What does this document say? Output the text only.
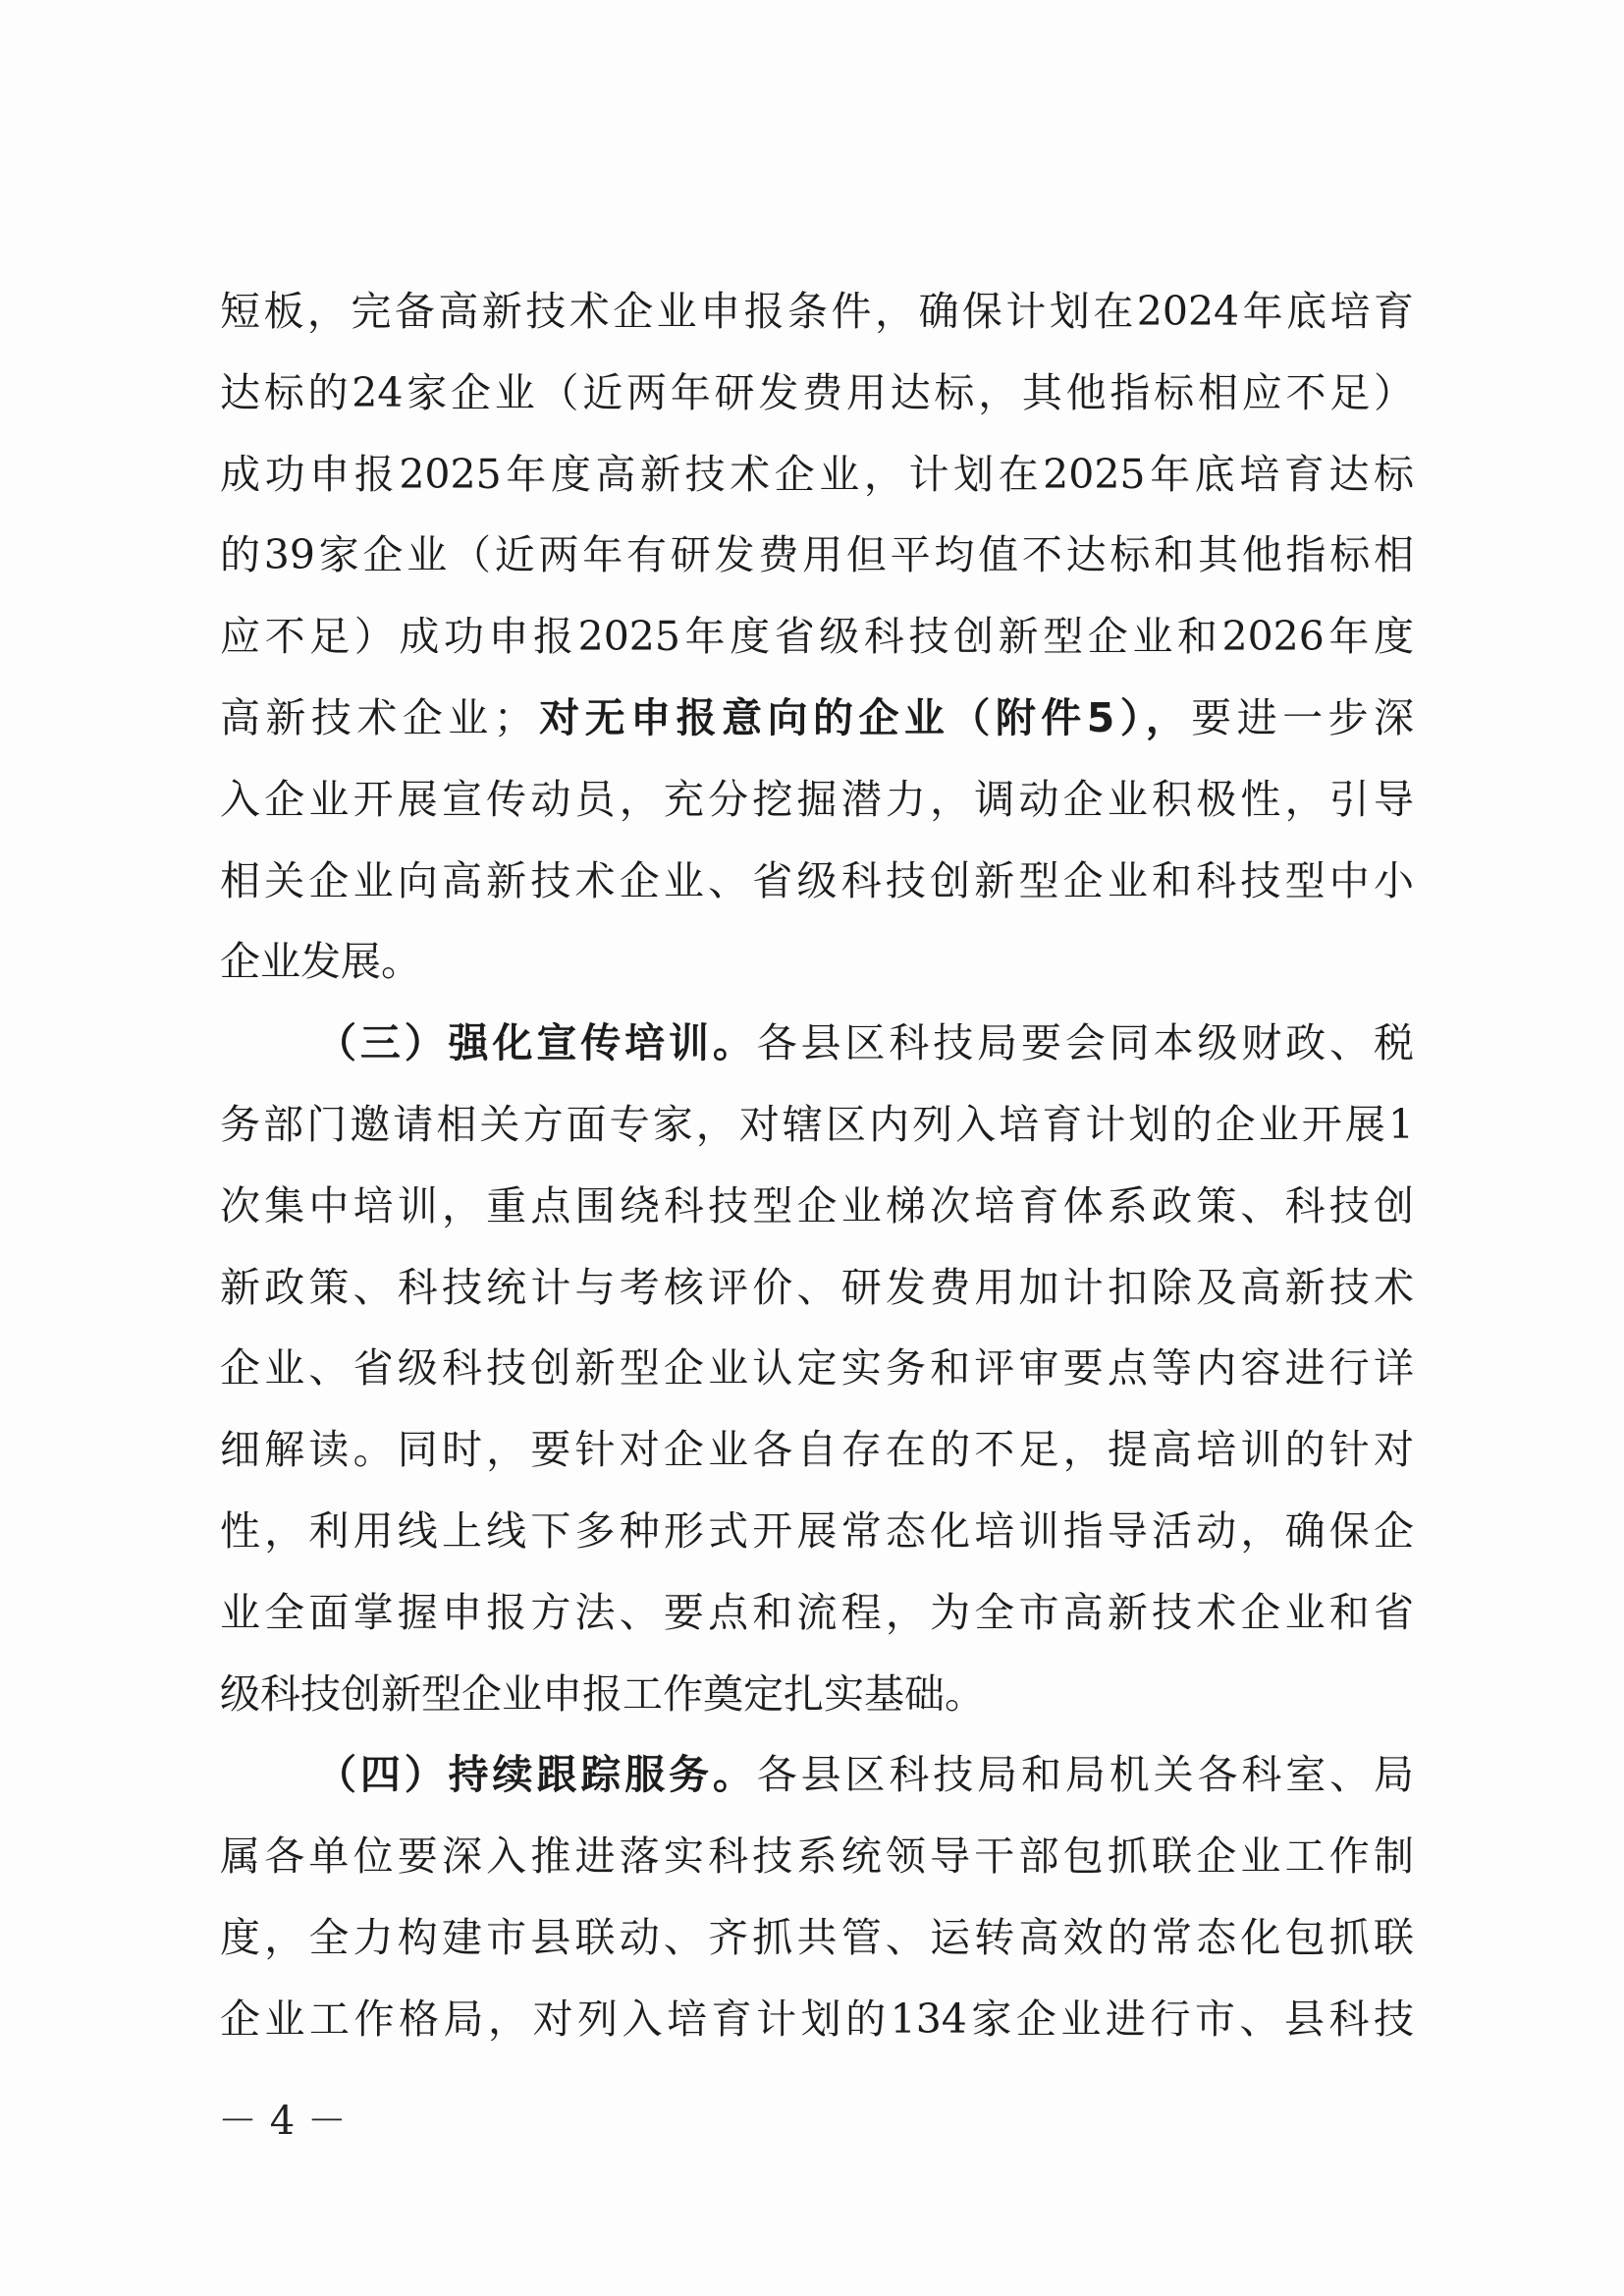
短板，完备高新技术企业申报条件，确保计划在2024年底培育
达标的24家企业（近两年研发费用达标，其他指标相应不足）
成功申报2025年度高新技术企业，计划在2025年底培育达标
的39家企业（近两年有研发费用但平均值不达标和其他指标相
应不足）成功申报2025年度省级科技创新型企业和2026年度
高新技术企业；对无申报意向的企业（附件5），要进一步深
入企业开展宣传动员，充分挖掘潜力，调动企业积极性，引导
相关企业向高新技术企业、省级科技创新型企业和科技型中小
企业发展。
（三）强化宣传培训。各县区科技局要会同本级财政、税
务部门邀请相关方面专家，对辖区内列入培育计划的企业开展1
次集中培训，重点围绕科技型企业梯次培育体系政策、科技创
新政策、科技统计与考核评价、研发费用加计扣除及高新技术
企业、省级科技创新型企业认定实务和评审要点等内容进行详
细解读。同时，要针对企业各自存在的不足，提高培训的针对
性，利用线上线下多种形式开展常态化培训指导活动，确保企
业全面掌握申报方法、要点和流程，为全市高新技术企业和省
级科技创新型企业申报工作奠定扎实基础。
（四）持续跟踪服务。各县区科技局和局机关各科室、局
属各单位要深入推进落实科技系统领导干部包抓联企业工作制
度，全力构建市县联动、齐抓共管、运转高效的常态化包抓联
企业工作格局，对列入培育计划的134家企业进行市、县科技
－ 4 －
